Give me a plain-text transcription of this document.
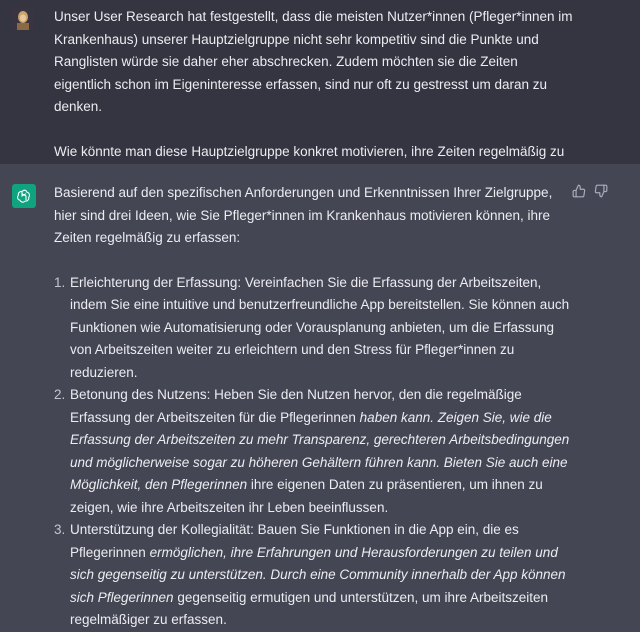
Unser User Research hat festgestellt, dass die meisten Nutzer*innen (Pfleger*innen im Krankenhaus) unserer Hauptzielgruppe nicht sehr kompetitiv sind die Punkte und Ranglisten würde sie daher eher abschrecken. Zudem möchten sie die Zeiten eigentlich schon im Eigeninteresse erfassen, sind nur oft zu gestresst um daran zu denken.

Wie könnte man diese Hauptzielgruppe konkret motivieren, ihre Zeiten regelmäßig zu

Basierend auf den spezifischen Anforderungen und Erkenntnissen Ihrer Zielgruppe, hier sind drei Ideen, wie Sie Pfleger*innen im Krankenhaus motivieren können, ihre Zeiten regelmäßig zu erfassen:

1. Erleichterung der Erfassung: Vereinfachen Sie die Erfassung der Arbeitszeiten, indem Sie eine intuitive und benutzerfreundliche App bereitstellen. Sie können auch Funktionen wie Automatisierung oder Vorausplanung anbieten, um die Erfassung von Arbeitszeiten weiter zu erleichtern und den Stress für Pfleger*innen zu reduzieren.
2. Betonung des Nutzens: Heben Sie den Nutzen hervor, den die regelmäßige Erfassung der Arbeitszeiten für die Pflegerinnen haben kann. Zeigen Sie, wie die Erfassung der Arbeitszeiten zu mehr Transparenz, gerechteren Arbeitsbedingungen und möglicherweise sogar zu höheren Gehältern führen kann. Bieten Sie auch eine Möglichkeit, den Pflegerinnen ihre eigenen Daten zu präsentieren, um ihnen zu zeigen, wie ihre Arbeitszeiten ihr Leben beeinflussen.
3. Unterstützung der Kollegialität: Bauen Sie Funktionen in die App ein, die es Pflegerinnen ermöglichen, ihre Erfahrungen und Herausforderungen zu teilen und sich gegenseitig zu unterstützen. Durch eine Community innerhalb der App können sich Pflegerinnen gegenseitig ermutigen und unterstützen, um ihre Arbeitszeiten regelmäßiger zu erfassen.
